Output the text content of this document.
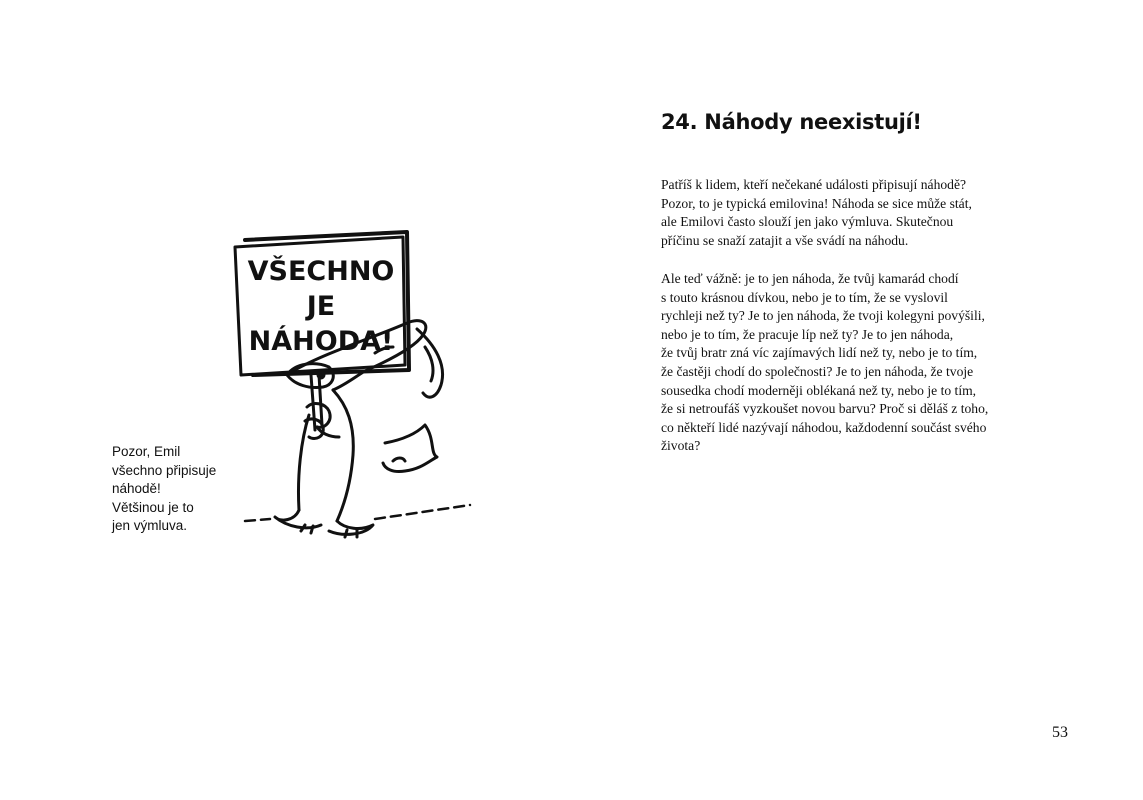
VŠECHNO
JE
NÁHODA!
Pozor, Emil
všechno připisuje
náhodě!
Většinou je to
jen výmluva.
24. Náhody neexistují!
Patříš k lidem, kteří nečekané události připisují náhodě?
Pozor, to je typická emilovina! Náhoda se sice může stát,
ale Emilovi často slouží jen jako výmluva. Skutečnou
příčinu se snaží zatajit a vše svádí na náhodu.
Ale teď vážně: je to jen náhoda, že tvůj kamarád chodí
s touto krásnou dívkou, nebo je to tím, že se vyslovil
rychleji než ty? Je to jen náhoda, že tvoji kolegyni povýšili,
nebo je to tím, že pracuje líp než ty? Je to jen náhoda,
že tvůj bratr zná víc zajímavých lidí než ty, nebo je to tím,
že častěji chodí do společnosti? Je to jen náhoda, že tvoje
sousedka chodí moderněji oblékaná než ty, nebo je to tím,
že si netroufáš vyzkoušet novou barvu? Proč si děláš z toho,
co někteří lidé nazývají náhodou, každodenní součást svého
života?
53
